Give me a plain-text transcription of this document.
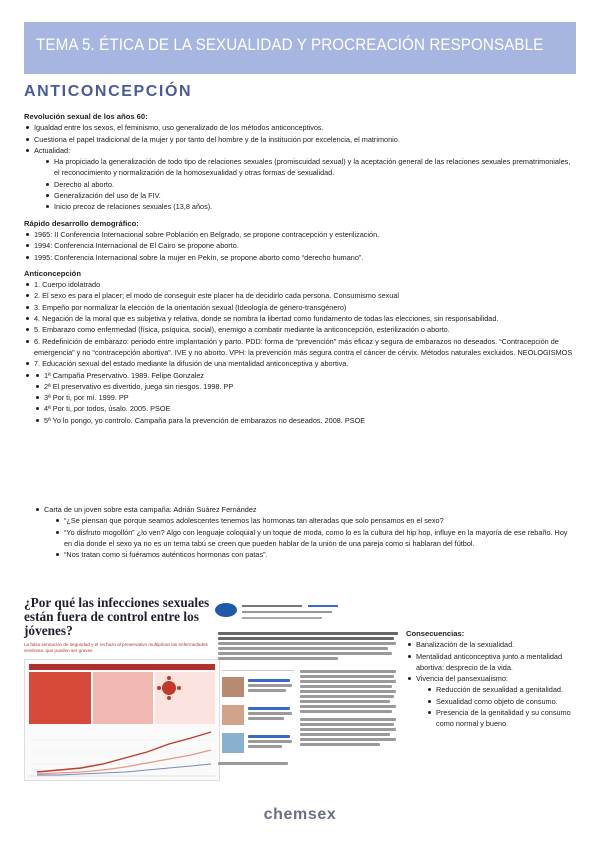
TEMA 5. ÉTICA DE LA SEXUALIDAD Y PROCREACIÓN RESPONSABLE
ANTICONCEPCIÓN
Revolución sexual de los años 60:
Igualdad entre los sexos, el feminismo, uso generalizado de los métodos anticonceptivos.
Cuestiona el papel tradicional de la mujer y por tanto del hombre y de la institución por excelencia, el matrimonio.
Actualidad:
Ha propiciado la generalización de todo tipo de relaciones sexuales (promiscuidad sexual) y la aceptación general de las relaciones sexuales prematrimoniales, el reconocimiento y normalización de la homosexualidad y otras formas de sexualidad.
Derecho al aborto.
Generalización del uso de la FIV.
Inicio precoz de relaciones sexuales (13,8 años).
Rápido desarrollo demográfico:
1965: II Conferencia Internacional sobre Población en Belgrado, se propone contracepción y esterilización.
1994: Conferencia Internacional de El Cairo se propone aborto.
1995: Conferencia Internacional sobre la mujer en Pekín, se propone aborto como “derecho humano”.
Anticoncepción
1. Cuerpo idolatrado
2. El sexo es para el placer; el modo de conseguir este placer ha de decidirlo cada persona. Consumismo sexual
3. Empeño por normalizar la elección de la orientación sexual (Ideología de género-transgénero)
4. Negación de la moral que es subjetiva y relativa, donde se nombra la libertad como fundamento de todas las elecciones, sin responsabilidad.
5. Embarazo como enfermedad (física, psíquica, social), enemigo a combatir mediante la anticoncepción, esterilización o aborto.
6. Redefinición de embarazo: periodo entre implantación y parto. PDD: forma de “prevención” más eficaz y segura de embarazos no deseados. “Contracepción de emergencia” y no “contracepción abortiva”. IVE y no aborto. VPH: la prevención más segura contra el cáncer de cérvix. Métodos naturales excluidos. NEOLOGISMOS
7. Educación sexual del estado mediante la difusión de una mentalidad anticonceptiva y abortiva.
1ª Campaña Preservativo. 1989. Felipe Gonzalez
2ª El preservativo es divertido, juega sin riesgos. 1998. PP
3ª Por ti, por mí. 1999. PP
4ª Por ti, por todos, úsalo. 2005. PSOE
5ª Yo lo pongo, yo controlo. Campaña para la prevención de embarazos no deseados. 2008. PSOE
Carta de un joven sobre esta campaña: Adrián Suárez Fernández
“¿Se piensan que porque seamos adolescentes tenemos las hormonas tan alteradas que solo pensamos en el sexo?
“Yo disfruto mogollón” ¿lo ven? Algo con lenguaje coloquial y un toque de moda, como lo es la cultura del hip hop, influye en la mayoría de ese rebaño. Hoy en día donde el sexo ya no es un tema tabú se creen que pueden hablar de la unión de una pareja como si hablaran del fútbol.
“Nos tratan como si fuéramos auténticos hormonas con patas”.
¿Por qué las infecciones sexuales están fuera de control entre los jóvenes?
La falsa sensación de seguridad y el rechazo al preservativo multiplican las enfermedades venéreas, que pueden ser graves
Consecuencias:
Banalización de la sexualidad.
Mentalidad anticonceptiva junto a mentalidad abortiva: desprecio de la vida.
Vivencia del pansexualismo:
Reducción de sexualidad a genitalidad.
Sexualidad como objeto de consumo.
Presencia de la genitalidad y su consumo como normal y bueno.
chemsex
